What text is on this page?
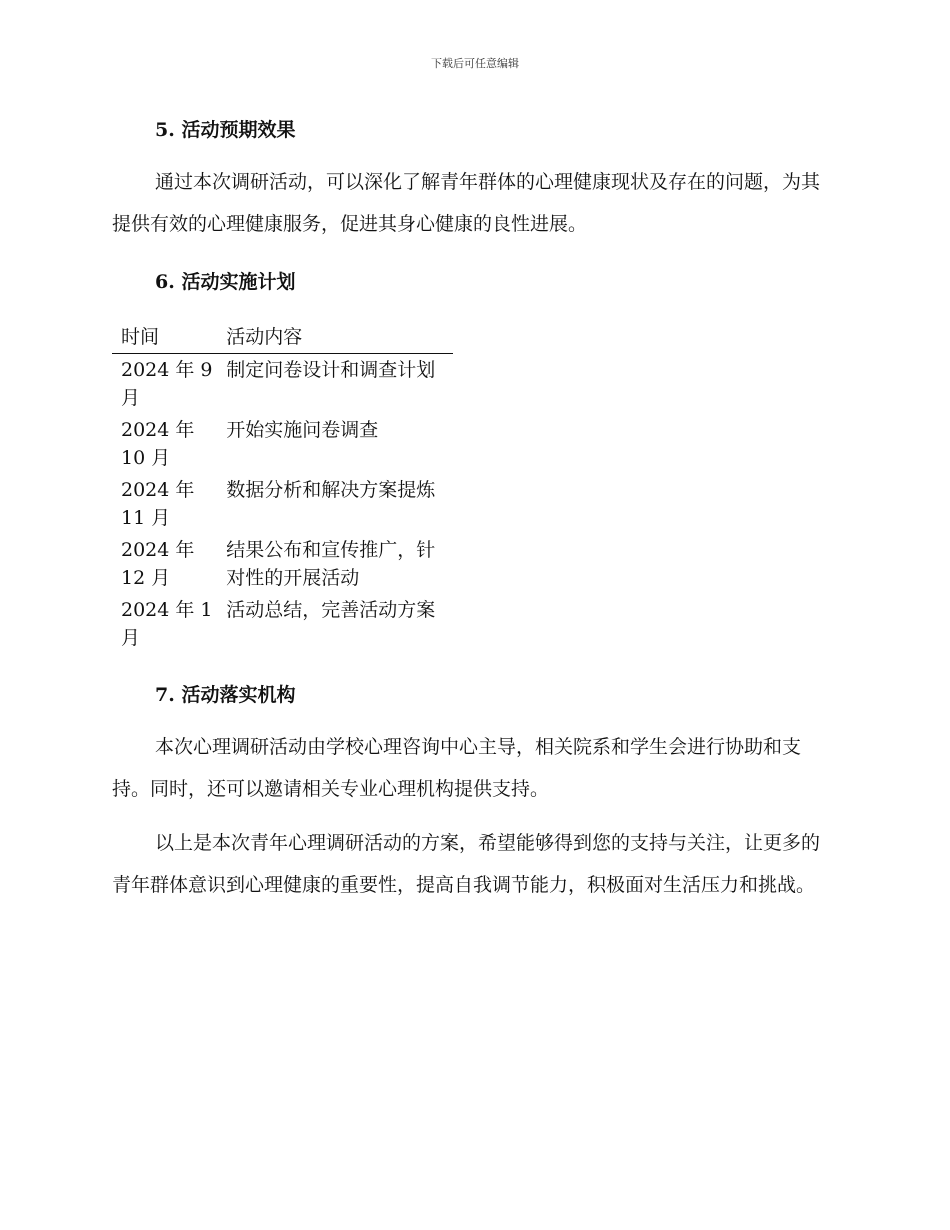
下载后可任意编辑
5. 活动预期效果

通过本次调研活动，可以深化了解青年群体的心理健康现状及存在的问题，为其提供有效的心理健康服务，促进其身心健康的良性进展。

6. 活动实施计划
时间	活动内容
2024 年 9 月	制定问卷设计和调查计划
2024 年 10 月	开始实施问卷调查
2024 年 11 月	数据分析和解决方案提炼
2024 年 12 月	结果公布和宣传推广，针对性的开展活动
2024 年 1 月	活动总结，完善活动方案
7. 活动落实机构

本次心理调研活动由学校心理咨询中心主导，相关院系和学生会进行协助和支持。同时，还可以邀请相关专业心理机构提供支持。

以上是本次青年心理调研活动的方案，希望能够得到您的支持与关注，让更多的青年群体意识到心理健康的重要性，提高自我调节能力，积极面对生活压力和挑战。
